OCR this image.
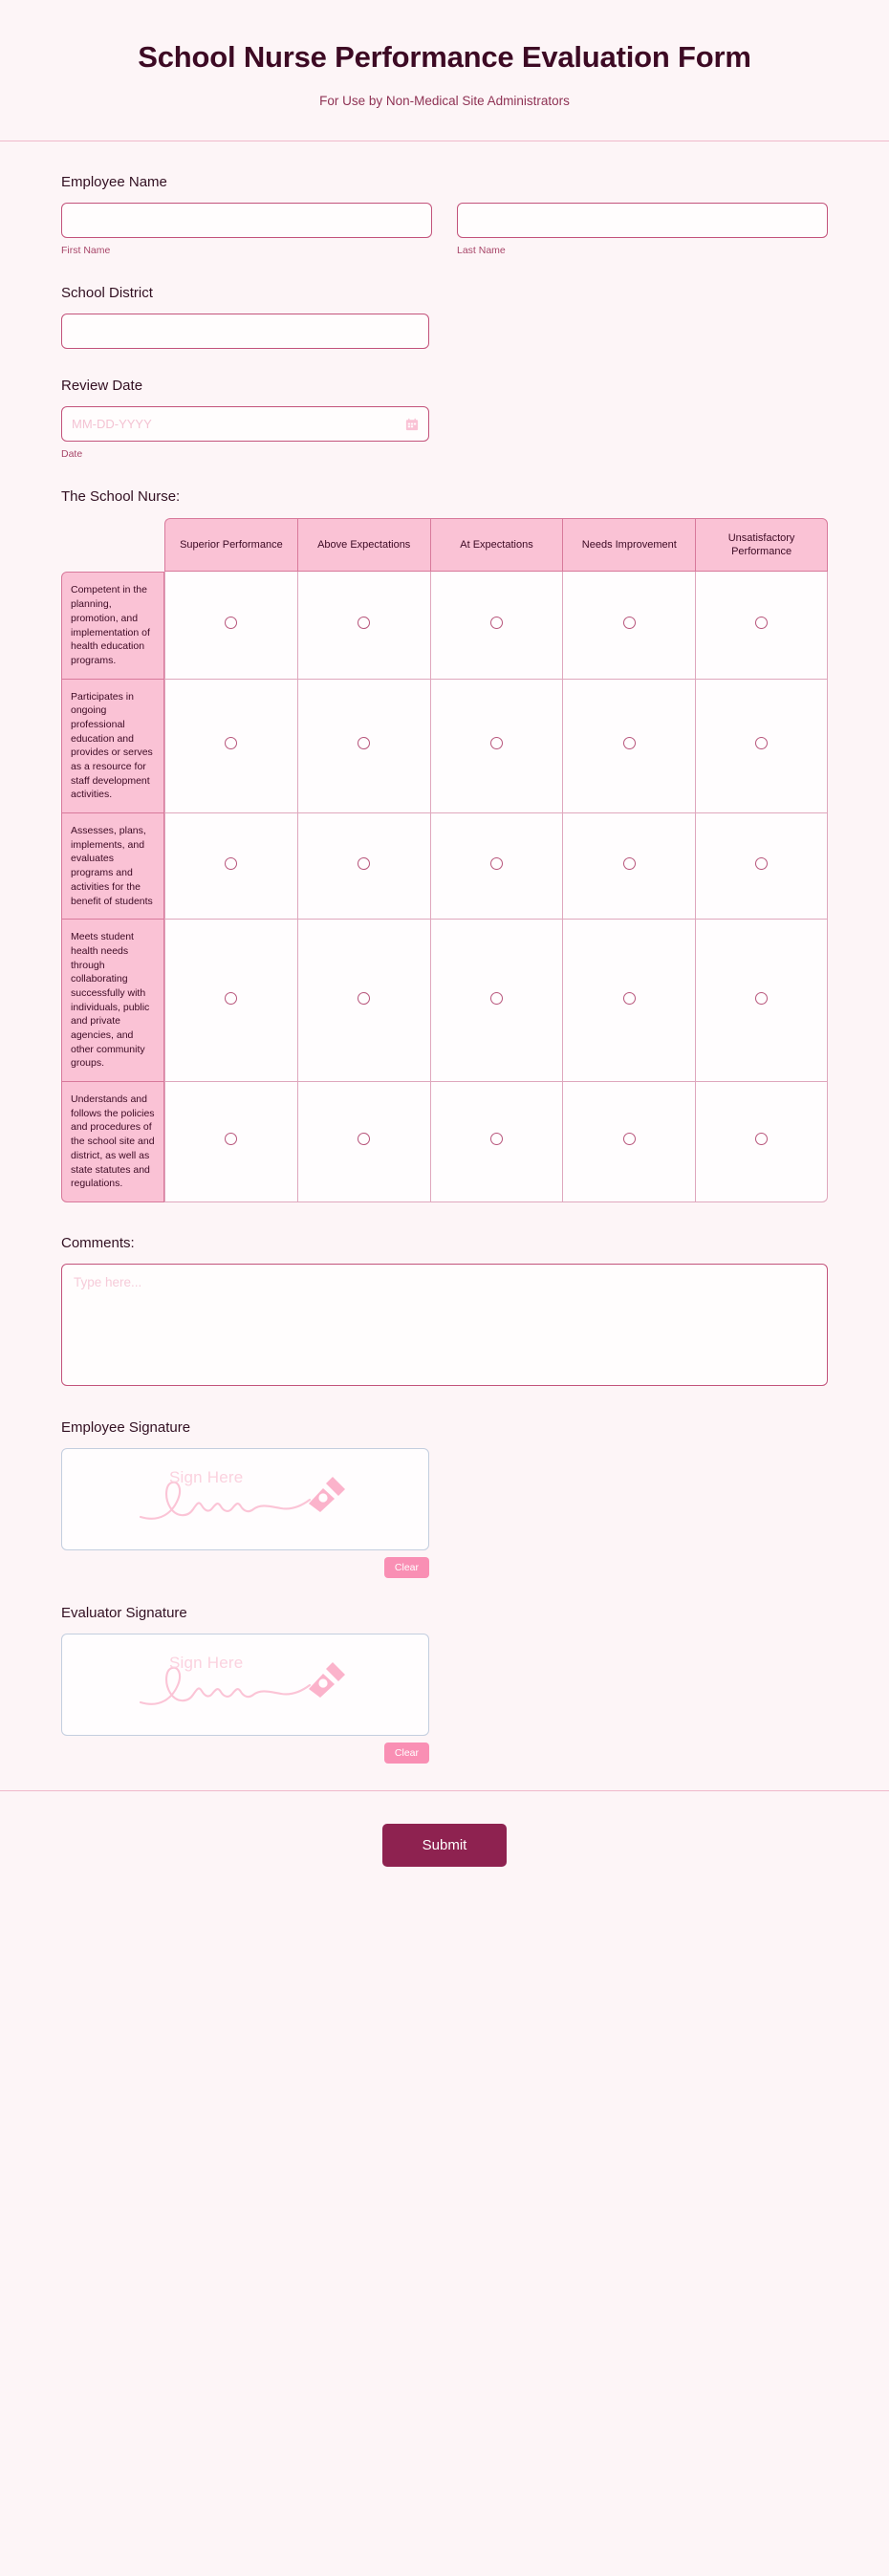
School Nurse Performance Evaluation Form

For Use by Non-Medical Site Administrators

Employee Name
First Name	Last Name
School District
Review Date
MM-DD-YYYY
Date
The School Nurse:
	Superior Performance	Above Expectations	At Expectations	Needs Improvement	Unsatisfactory Performance
Competent in the planning, promotion, and implementation of health education programs.					
Participates in ongoing professional education and provides or serves as a resource for staff development activities.					
Assesses, plans, implements, and evaluates programs and activities for the benefit of students					
Meets student health needs through collaborating successfully with individuals, public and private agencies, and other community groups.					
Understands and follows the policies and procedures of the school site and district, as well as state statutes and regulations.					
Comments:
Type here...
Employee Signature
Sign Here
Clear
Evaluator Signature
Sign Here
Clear
Submit
